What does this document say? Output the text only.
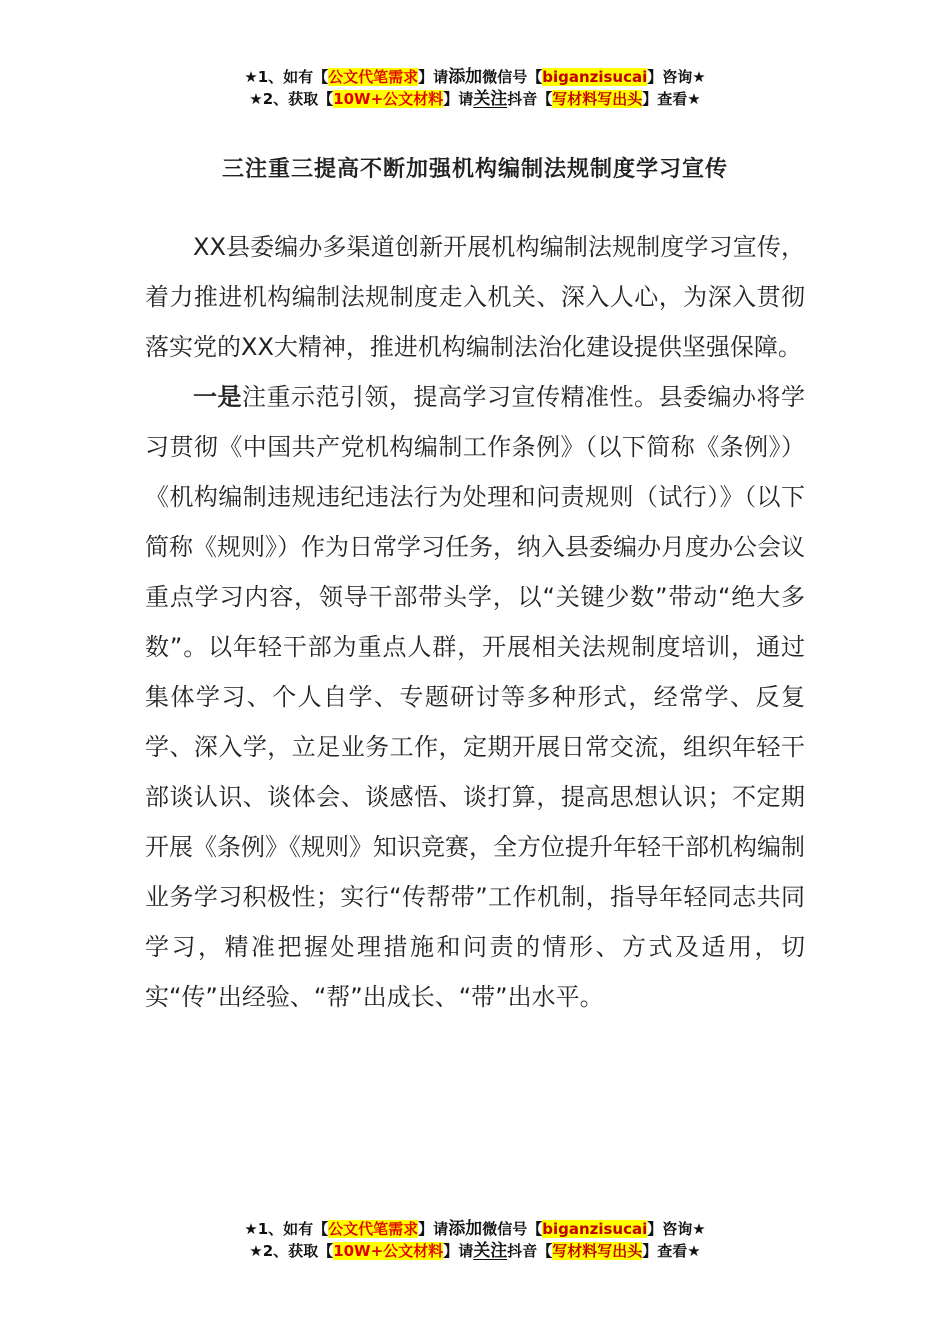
★1、如有【公文代笔需求】请添加微信号【biganzisucai】咨询★
★2、获取【10W+公文材料】请关注抖音【写材料写出头】查看★
三注重三提高不断加强机构编制法规制度学习宣传

XX县委编办多渠道创新开展机构编制法规制度学习宣传，着力推进机构编制法规制度走入机关、深入人心，为深入贯彻落实党的XX大精神，推进机构编制法治化建设提供坚强保障。

一是注重示范引领，提高学习宣传精准性。县委编办将学习贯彻《中国共产党机构编制工作条例》（以下简称《条例》）《机构编制违规违纪违法行为处理和问责规则（试行）》（以下简称《规则》）作为日常学习任务，纳入县委编办月度办公会议重点学习内容，领导干部带头学，以“关键少数”带动“绝大多数”。以年轻干部为重点人群，开展相关法规制度培训，通过集体学习、个人自学、专题研讨等多种形式，经常学、反复学、深入学，立足业务工作，定期开展日常交流，组织年轻干部谈认识、谈体会、谈感悟、谈打算，提高思想认识；不定期开展《条例》《规则》知识竞赛，全方位提升年轻干部机构编制业务学习积极性；实行“传帮带”工作机制，指导年轻同志共同学习，精准把握处理措施和问责的情形、方式及适用，切实“传”出经验、“帮”出成长、“带”出水平。

★1、如有【公文代笔需求】请添加微信号【biganzisucai】咨询★
★2、获取【10W+公文材料】请关注抖音【写材料写出头】查看★
